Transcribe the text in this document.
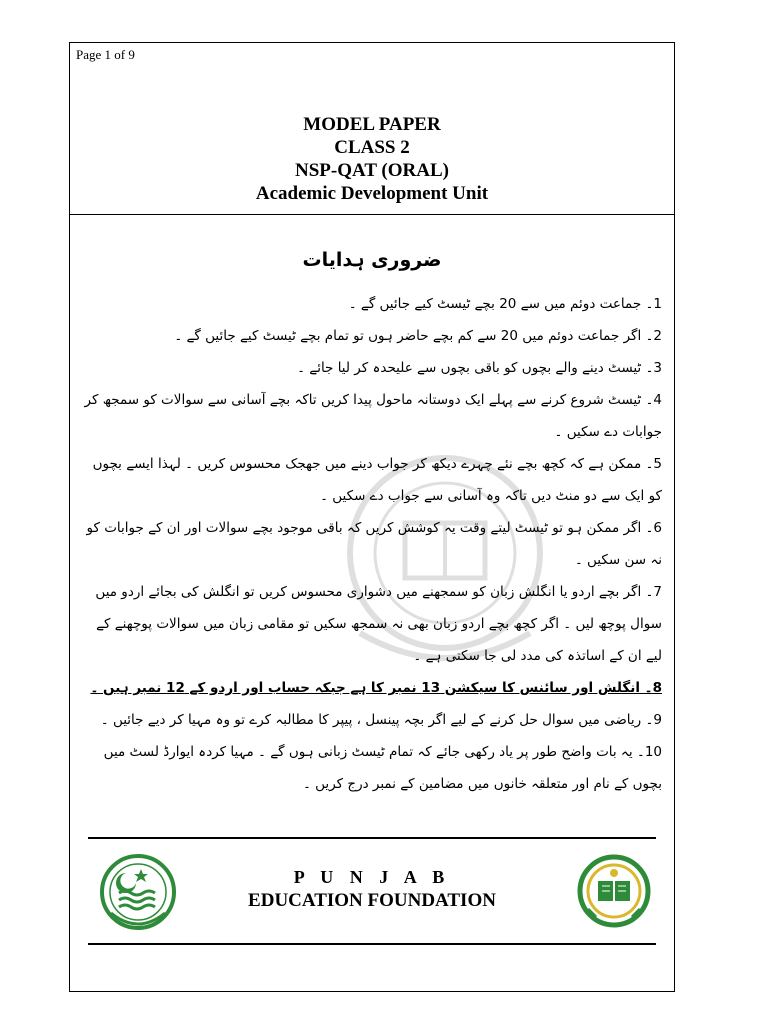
Page 1 of 9
MODEL PAPER
CLASS 2
NSP-QAT (ORAL)
Academic Development Unit
ضروری ہدایات

1۔ جماعت دوئم میں سے 20 بچے ٹیسٹ کیے جائیں گے ۔

2۔ اگر جماعت دوئم میں 20 سے کم بچے حاضر ہوں تو تمام بچے ٹیسٹ کیے جائیں گے ۔

3۔ ٹیسٹ دینے والے بچوں کو باقی بچوں سے علیحدہ کر لیا جائے ۔

4۔ ٹیسٹ شروع کرنے سے پہلے ایک دوستانہ ماحول پیدا کریں تاکہ بچے آسانی سے سوالات کو سمجھ کر جوابات دے سکیں ۔

5۔ ممکن ہے کہ کچھ بچے نئے چہرے دیکھ کر جواب دینے میں جھجک محسوس کریں ۔ لہذا ایسے بچوں کو ایک سے دو منٹ دیں تاکہ وہ آسانی سے جواب دے سکیں ۔

6۔ اگر ممکن ہو تو ٹیسٹ لیتے وقت یہ کوشش کریں کہ باقی موجود بچے سوالات اور ان کے جوابات کو نہ سن سکیں ۔

7۔ اگر بچے اردو یا انگلش زبان کو سمجھنے میں دشواری محسوس کریں تو انگلش کی بجائے اردو میں سوال پوچھ لیں ۔ اگر کچھ بچے اردو زبان بھی نہ سمجھ سکیں تو مقامی زبان میں سوالات پوچھنے کے لیے ان کے اساتذہ کی مدد لی جا سکتی ہے ۔

8۔ انگلش اور سائنس کا سیکشن 13 نمبر کا ہے جبکہ حساب اور اردو کے 12 نمبر ہیں ۔

9۔ ریاضی میں سوال حل کرنے کے لیے اگر بچہ پینسل ، پیپر کا مطالبہ کرے تو وہ مہیا کر دیے جائیں ۔

10۔ یہ بات واضح طور پر یاد رکھی جائے کہ تمام ٹیسٹ زبانی ہوں گے ۔ مہیا کردہ ایوارڈ لسٹ میں بچوں کے نام اور متعلقہ خانوں میں مضامین کے نمبر درج کریں ۔

P U N J A B
EDUCATION FOUNDATION
